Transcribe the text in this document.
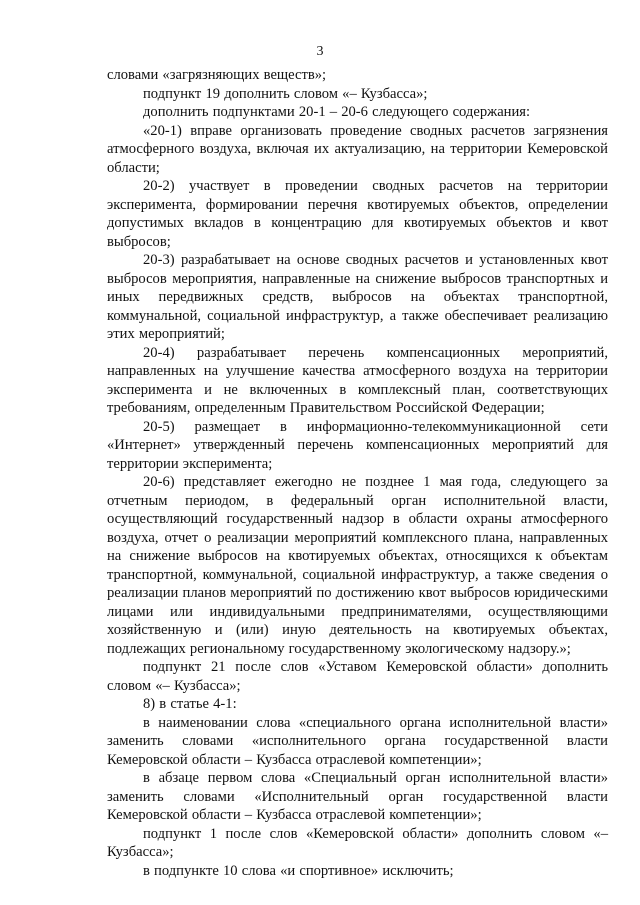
3

словами «загрязняющих веществ»;

подпункт 19 дополнить словом «– Кузбасса»;

дополнить подпунктами 20-1 – 20-6 следующего содержания:

«20-1) вправе организовать проведение сводных расчетов загрязнения атмосферного воздуха, включая их актуализацию, на территории Кемеровской области;

20-2) участвует в проведении сводных расчетов на территории эксперимента, формировании перечня квотируемых объектов, определении допустимых вкладов в концентрацию для квотируемых объектов и квот выбросов;

20-3) разрабатывает на основе сводных расчетов и установленных квот выбросов мероприятия, направленные на снижение выбросов транспортных и иных передвижных средств, выбросов на объектах транспортной, коммунальной, социальной инфраструктур, а также обеспечивает реализацию этих мероприятий;

20-4) разрабатывает перечень компенсационных мероприятий, направленных на улучшение качества атмосферного воздуха на территории эксперимента и не включенных в комплексный план, соответствующих требованиям, определенным Правительством Российской Федерации;

20-5) размещает в информационно-телекоммуникационной сети «Интернет» утвержденный перечень компенсационных мероприятий для территории эксперимента;

20-6) представляет ежегодно не позднее 1 мая года, следующего за отчетным периодом, в федеральный орган исполнительной власти, осуществляющий государственный надзор в области охраны атмосферного воздуха, отчет о реализации мероприятий комплексного плана, направленных на снижение выбросов на квотируемых объектах, относящихся к объектам транспортной, коммунальной, социальной инфраструктур, а также сведения о реализации планов мероприятий по достижению квот выбросов юридическими лицами или индивидуальными предпринимателями, осуществляющими хозяйственную и (или) иную деятельность на квотируемых объектах, подлежащих региональному государственному экологическому надзору.»;

подпункт 21 после слов «Уставом Кемеровской области» дополнить словом «– Кузбасса»;

8) в статье 4-1:

в наименовании слова «специального органа исполнительной власти» заменить словами «исполнительного органа государственной власти Кемеровской области – Кузбасса отраслевой компетенции»;

в абзаце первом слова «Специальный орган исполнительной власти» заменить словами «Исполнительный орган государственной власти Кемеровской области – Кузбасса отраслевой компетенции»;

подпункт 1 после слов «Кемеровской области» дополнить словом «– Кузбасса»;

в подпункте 10 слова «и спортивное» исключить;
